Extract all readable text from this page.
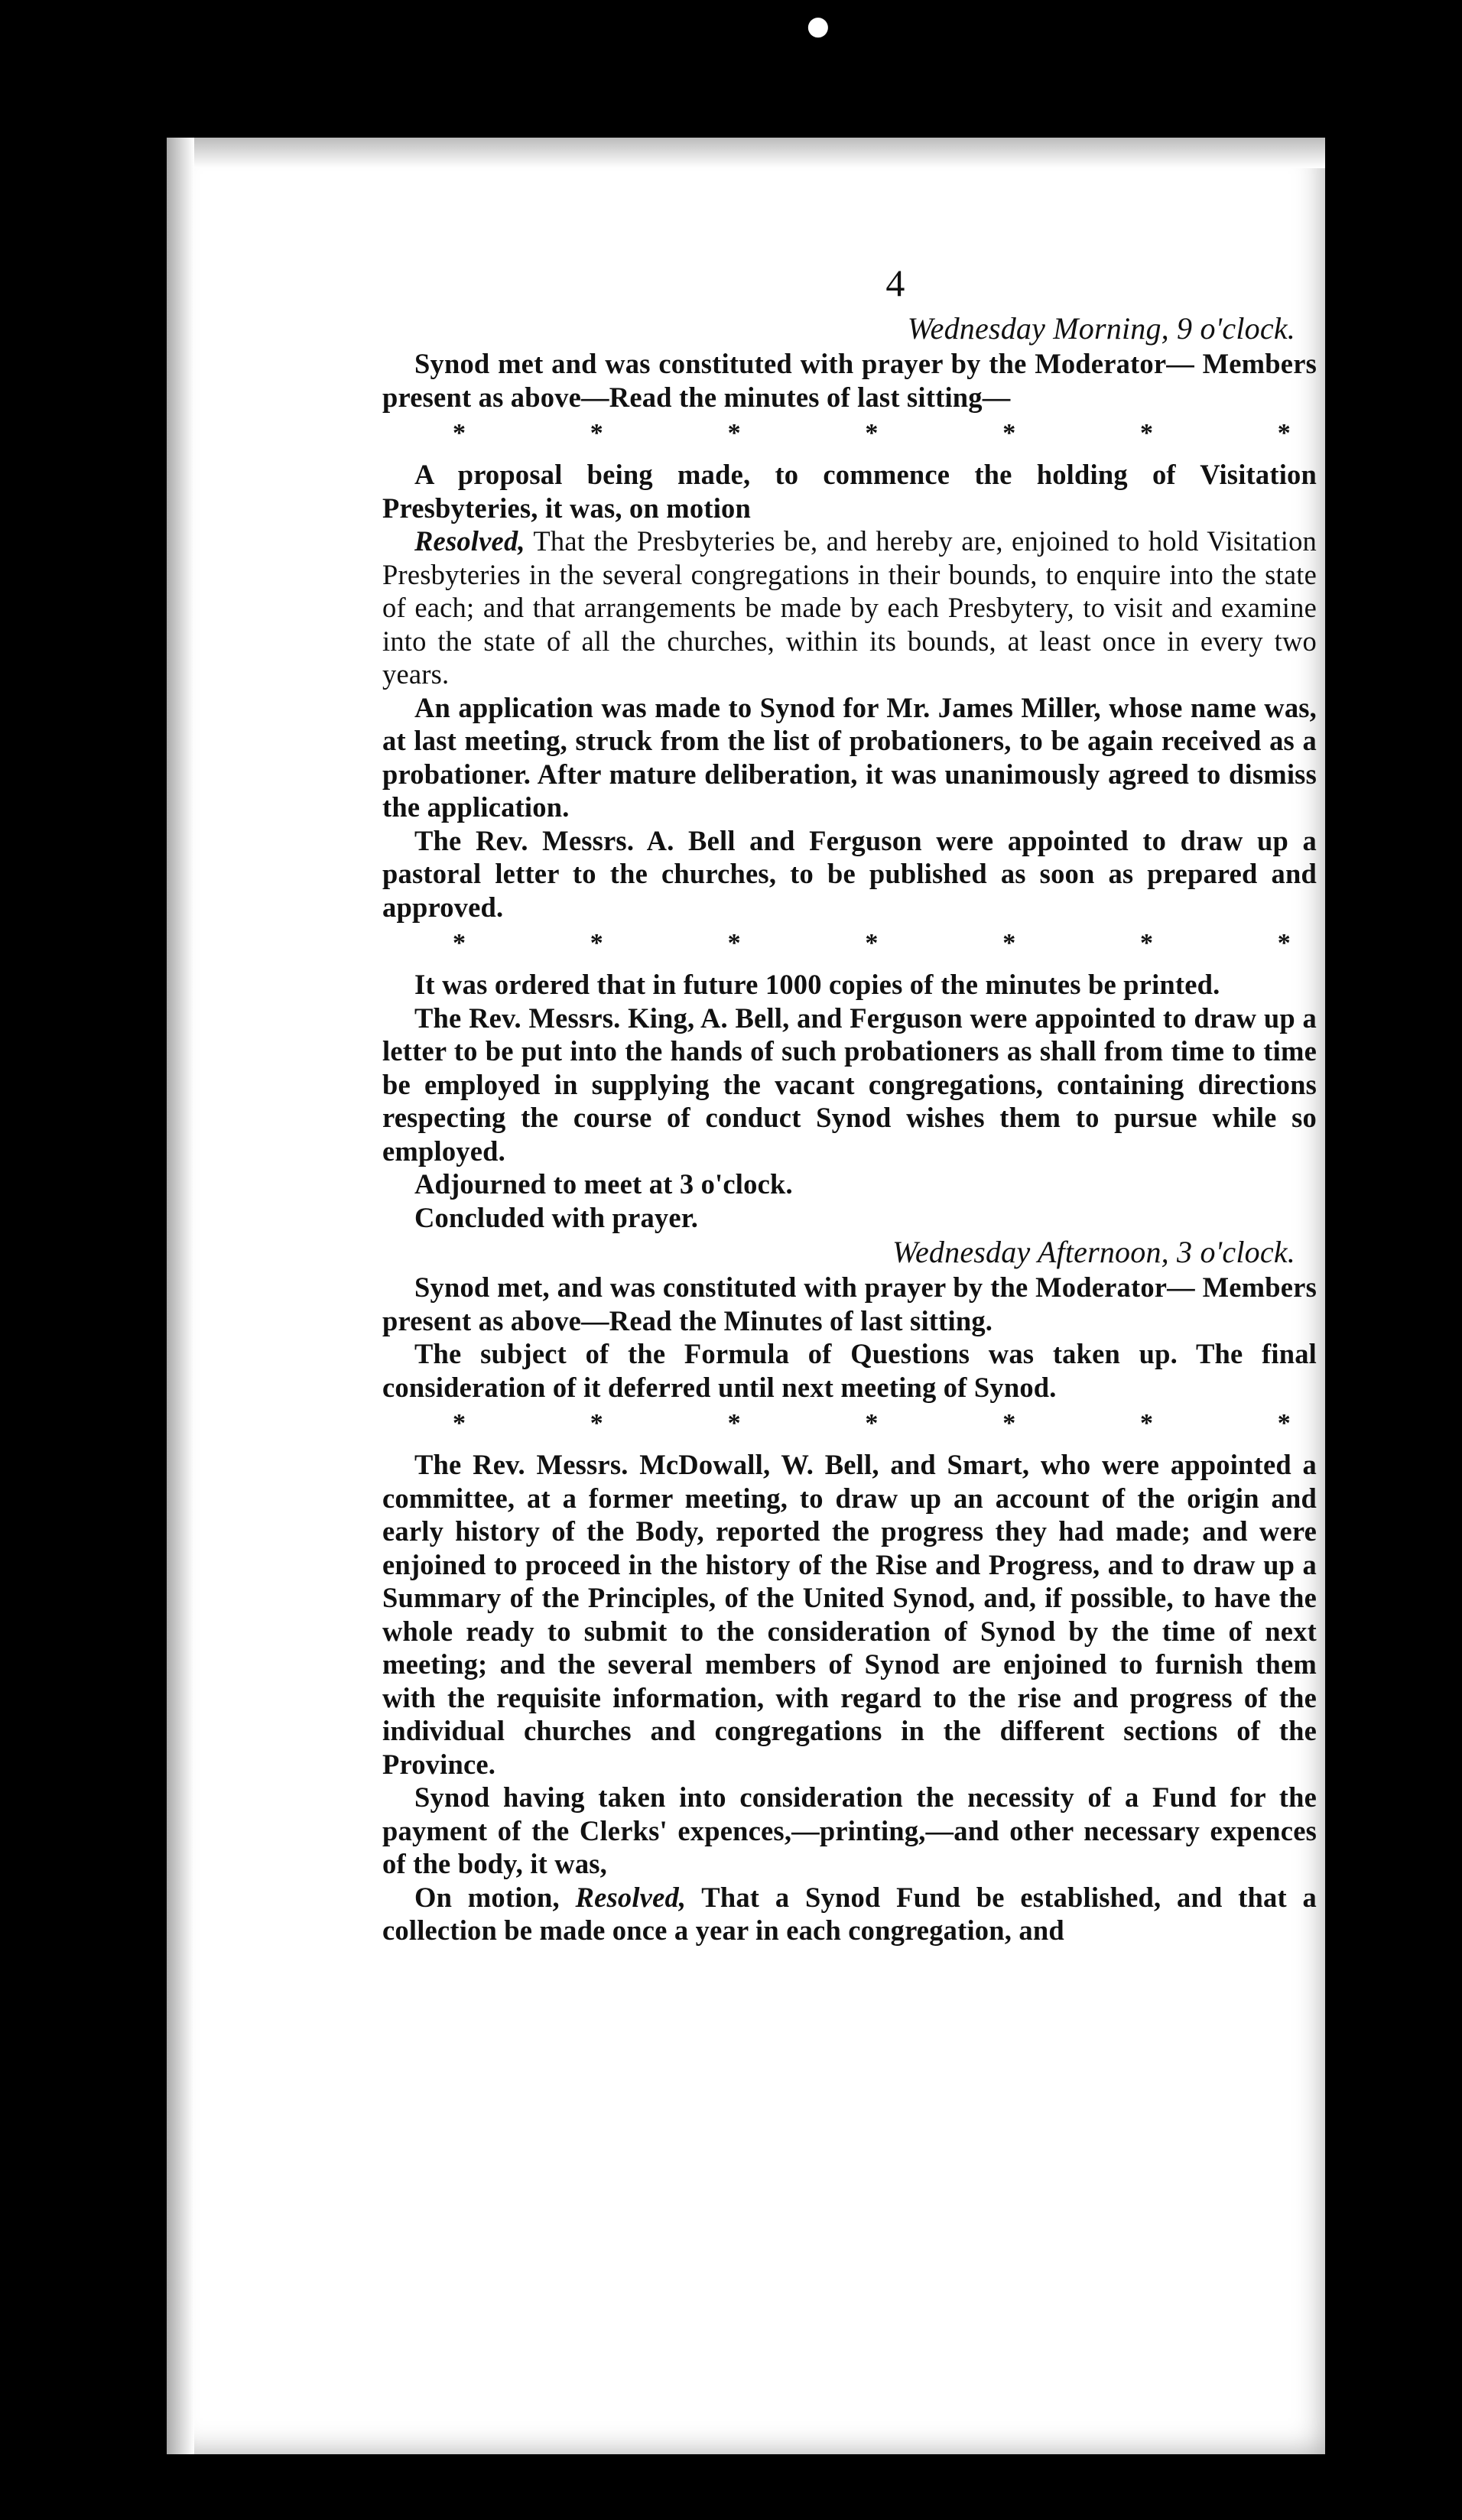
●
4
Wednesday Morning, 9 o'clock.

Synod met and was constituted with prayer by the Moderator— Members present as above—Read the minutes of last sitting—

*	*	*	*	*	*	*

A proposal being made, to commence the holding of Visitation Presbyteries, it was, on motion

Resolved, That the Presbyteries be, and hereby are, enjoined to hold Visitation Presbyteries in the several congregations in their bounds, to enquire into the state of each; and that arrangements be made by each Presbytery, to visit and examine into the state of all the churches, within its bounds, at least once in every two years.

An application was made to Synod for Mr. James Miller, whose name was, at last meeting, struck from the list of probationers, to be again received as a probationer. After mature deliberation, it was unanimously agreed to dismiss the application.

The Rev. Messrs. A. Bell and Ferguson were appointed to draw up a pastoral letter to the churches, to be published as soon as prepared and approved.

*	*	*	*	*	*	*

It was ordered that in future 1000 copies of the minutes be printed.

The Rev. Messrs. King, A. Bell, and Ferguson were appointed to draw up a letter to be put into the hands of such probationers as shall from time to time be employed in supplying the vacant congregations, containing directions respecting the course of conduct Synod wishes them to pursue while so employed.

Adjourned to meet at 3 o'clock.

Concluded with prayer.

Wednesday Afternoon, 3 o'clock.

Synod met, and was constituted with prayer by the Moderator— Members present as above—Read the Minutes of last sitting.

The subject of the Formula of Questions was taken up. The final consideration of it deferred until next meeting of Synod.

*	*	*	*	*	*	*

The Rev. Messrs. McDowall, W. Bell, and Smart, who were appointed a committee, at a former meeting, to draw up an account of the origin and early history of the Body, reported the progress they had made; and were enjoined to proceed in the history of the Rise and Progress, and to draw up a Summary of the Principles, of the United Synod, and, if possible, to have the whole ready to submit to the consideration of Synod by the time of next meeting; and the several members of Synod are enjoined to furnish them with the requisite information, with regard to the rise and progress of the individual churches and congregations in the different sections of the Province.

Synod having taken into consideration the necessity of a Fund for the payment of the Clerks' expences,—printing,—and other necessary expences of the body, it was,

On motion, Resolved, That a Synod Fund be established, and that a collection be made once a year in each congregation, and
